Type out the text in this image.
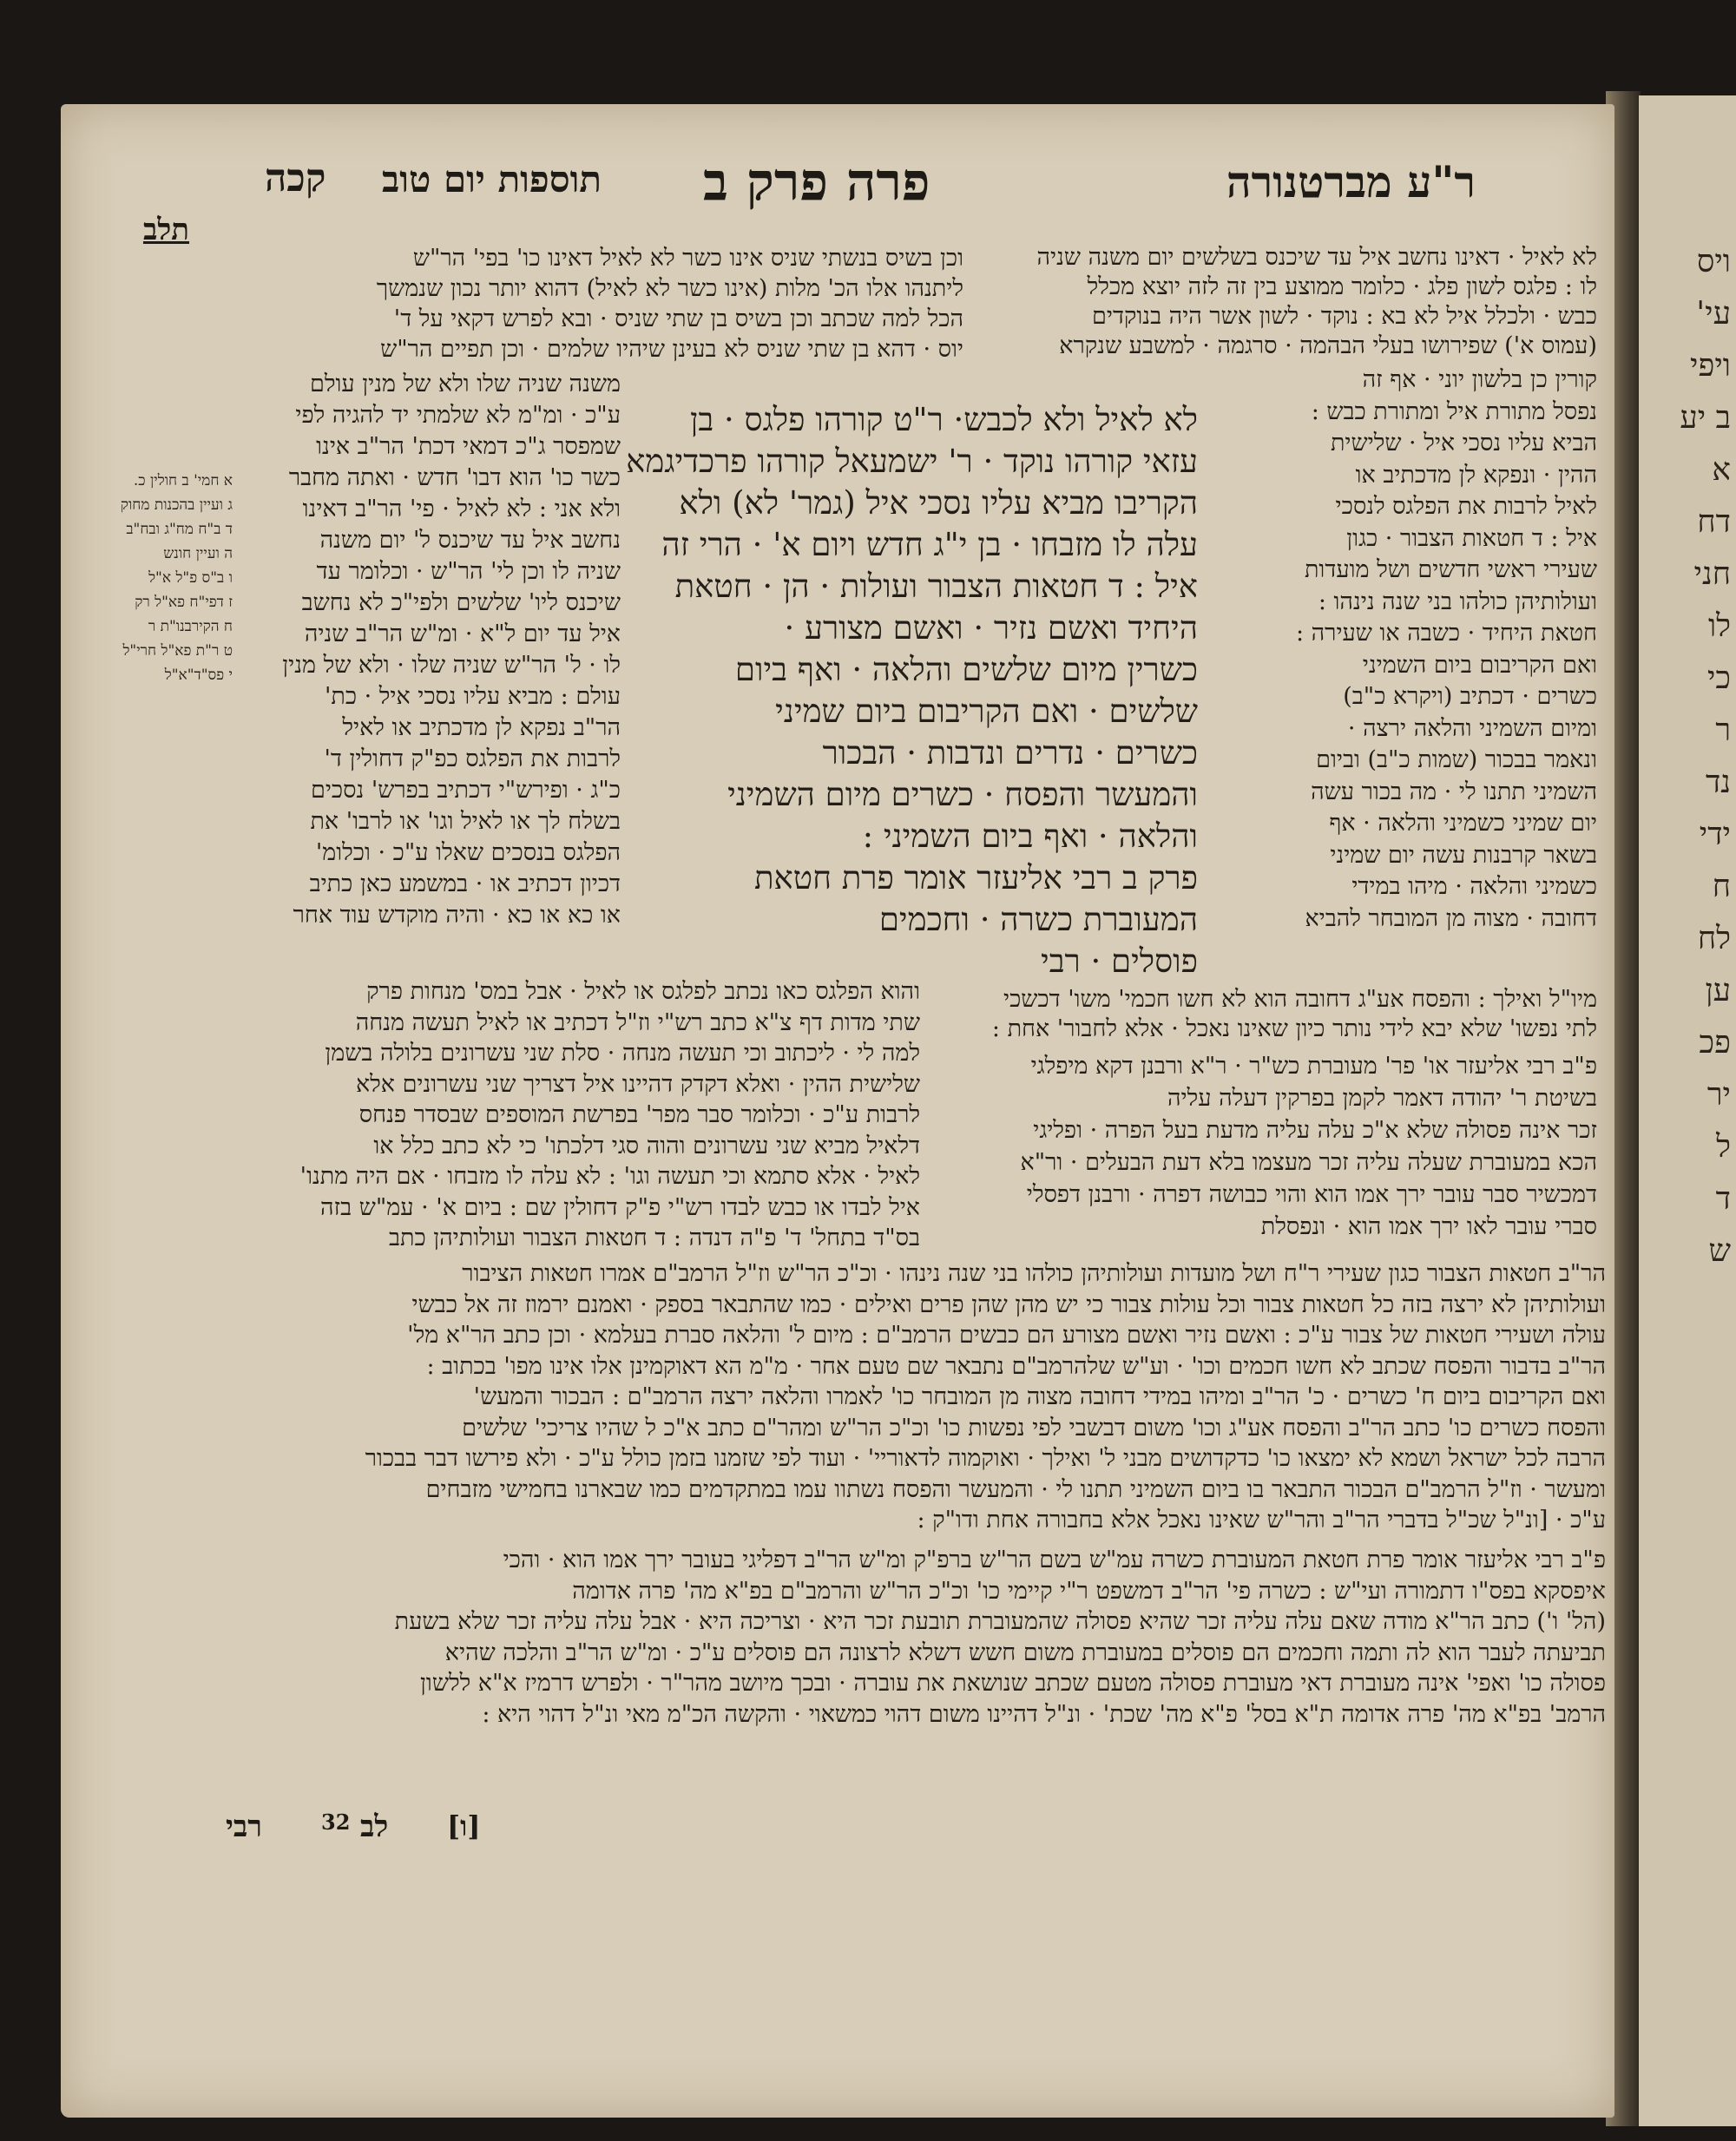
ויס
עי'
ויפי
ב יע
א
דח
חני
לו
כי
ר
נד
ידי
ח
לח
ען
פכ
יר
ל
ד
ש
ר"ע מברטנורה
פרה פרק ב
תוספות יום טוב
קכה
תלב
לא לאיל · דאינו נחשב איל עד שיכנס בשלשים יום משנה שניה
לו : פלגס לשון פלג · כלומר ממוצע בין זה לזה יוצא מכלל
כבש · ולכלל איל לא בא : נוקד · לשון אשר היה בנוקדים
(עמוס א') שפירושו בעלי הבהמה · סרגמה · למשבע שנקרא
וכן בשיס בנשתי שניס אינו כשר לא לאיל דאינו כו' בפי' הר"ש
ליתנהו אלו הכ' מלות (אינו כשר לא לאיל) דהוא יותר נכון שנמשך
הכל למה שכתב וכן בשיס בן שתי שניס · ובא לפרש דקאי על ד'
יוס · דהא בן שתי שניס לא בעינן שיהיו שלמים · וכן תפיים הר"ש
קורין כן בלשון יוני · אף זה
נפסל מתורת איל ומתורת כבש :
הביא עליו נסכי איל · שלישית
ההין · ונפקא לן מדכתיב או
לאיל לרבות את הפלגס לנסכי
איל : ד חטאות הצבור · כגון
שעירי ראשי חדשים ושל מועדות
ועולותיהן כולהו בני שנה נינהו :
חטאת היחיד · כשבה או שעירה :
ואם הקריבום ביום השמיני
כשרים · דכתיב (ויקרא כ"ב)
ומיום השמיני והלאה ירצה ·
ונאמר בבכור (שמות כ"ב) וביום
השמיני תתנו לי · מה בכור עשה
יום שמיני כשמיני והלאה · אף
בשאר קרבנות עשה יום שמיני
כשמיני והלאה · מיהו במידי
דחובה · מצוה מן המובחר להביא
לא לאיל ולא לכבש· ר"ט קורהו פלגס · בן
עזאי קורהו נוקד · ר' ישמעאל קורהו פרכדיגמא
הקריבו מביא עליו נסכי איל (גמר' לא) ולא
עלה לו מזבחו · בן י"ג חדש ויום א' · הרי זה
איל : ד חטאות הצבור ועולות · הן · חטאת
היחיד ואשם נזיר · ואשם מצורע ·
כשרין מיום שלשים והלאה · ואף ביום
שלשים · ואם הקריבום ביום שמיני
כשרים · נדרים ונדבות · הבכור
והמעשר והפסח · כשרים מיום השמיני
והלאה · ואף ביום השמיני :
פרק ב רבי אליעזר אומר פרת חטאת
המעוברת כשרה · וחכמים
פוסלים · רבי
משנה שניה שלו ולא של מנין עולם
ע"כ · ומ"מ לא שלמתי יד להגיה לפי
שמפסר ג"כ דמאי דכת' הר"ב אינו
כשר כו' הוא דבו' חדש · ואתה מחבר
ולא אני : לא לאיל · פי' הר"ב דאינו
נחשב איל עד שיכנס ל' יום משנה
שניה לו וכן לי' הר"ש · וכלומר עד
שיכנס ליו' שלשים ולפי"כ לא נחשב
איל עד יום ל"א · ומ"ש הר"ב שניה
לו · ל' הר"ש שניה שלו · ולא של מנין
עולם : מביא עליו נסכי איל · כת'
הר"ב נפקא לן מדכתיב או לאיל
לרבות את הפלגס כפ"ק דחולין ד'
כ"ג · ופירש"י דכתיב בפרש' נסכים
בשלח לך או לאיל וגו' או לרבו' את
הפלגס בנסכים שאלו ע"כ · וכלומ'
דכיון דכתיב או · במשמע כאן כתיב
או כא או כא · והיה מוקדש עוד אחר
א חמי' ב חולין כ.
ג ועיין בהכנות מחוק
ד ב"ח מח"ג ובח"ב
ה ועיין חונש
ו ב"ס פ"ל א"ל
ז דפי"ח פא"ל רק
ח הקירבנו"ת ר
ט ר"ת פא"ל חרי"ל
י פס"ד"א"ל
מיו"ל ואילך : והפסח אע"ג דחובה הוא לא חשו חכמי' משו' דכשכי
לתי נפשו' שלא יבא לידי נותר כיון שאינו נאכל · אלא לחבור' אחת :
פ"ב רבי אליעזר או' פר' מעוברת כש"ר · ר"א ורבנן דקא מיפלגי
בשיטת ר' יהודה דאמר לקמן בפרקין דעלה עליה
זכר אינה פסולה שלא א"כ עלה עליה מדעת בעל הפרה · ופליגי
הכא במעוברת שעלה עליה זכר מעצמו בלא דעת הבעלים · ור"א
דמכשיר סבר עובר ירך אמו הוא והוי כבושה דפרה · ורבנן דפסלי
סברי עובר לאו ירך אמו הוא · ונפסלת
והוא הפלגס כאו נכתב לפלגס או לאיל · אבל במס' מנחות פרק
שתי מדות דף צ"א כתב רש"י וז"ל דכתיב או לאיל תעשה מנחה
למה לי · ליכתוב וכי תעשה מנחה · סלת שני עשרונים בלולה בשמן
שלישית ההין · ואלא דקדק דהיינו איל דצריך שני עשרונים אלא
לרבות ע"כ · וכלומר סבר מפר' בפרשת המוספים שבסדר פנחס
דלאיל מביא שני עשרונים והוה סגי דלכתו' כי לא כתב כלל או
לאיל · אלא סתמא וכי תעשה וגו' : לא עלה לו מזבחו · אם היה מתנו'
איל לבדו או כבש לבדו רש"י פ"ק דחולין שם : ביום א' · עמ"ש בזה
בס"ד בתחל' ד' פ"ה דנדה : ד חטאות הצבור ועולותיהן כתב
הר"ב חטאות הצבור כגון שעירי ר"ח ושל מועדות ועולותיהן כולהו בני שנה נינהו · וכ"כ הר"ש וז"ל הרמב"ם אמרו חטאות הציבור
ועולותיהן לא ירצה בזה כל חטאות צבור וכל עולות צבור כי יש מהן שהן פרים ואילים · כמו שהתבאר בספק · ואמנם ירמוז זה אל כבשי
עולה ושעירי חטאות של צבור ע"כ : ואשם נזיר ואשם מצורע הם כבשים הרמב"ם : מיום ל' והלאה סברת בעלמא · וכן כתב הר"א מל'
הר"ב בדבור והפסח שכתב לא חשו חכמים וכו' · וע"ש שלהרמב"ם נתבאר שם טעם אחר · מ"מ הא דאוקמינן אלו אינו מפו' בכתוב :
ואם הקריבום ביום ח' כשרים · כ' הר"ב ומיהו במידי דחובה מצוה מן המובחר כו' לאמרו והלאה ירצה הרמב"ם : הבכור והמעש'
והפסח כשרים כו' כתב הר"ב והפסח אע"ג וכו' משום דבשבי לפי נפשות כו' וכ"כ הר"ש ומהר"ם כתב א"כ ל שהיו צריכי' שלשים
הרבה לכל ישראל ושמא לא ימצאו כו' כדקדושים מבני ל' ואילך · ואוקמוה לדאוריי' · ועוד לפי שזמנו בזמן כולל ע"כ · ולא פירשו דבר בבכור
ומעשר · וז"ל הרמב"ם הבכור התבאר בו ביום השמיני תתנו לי · והמעשר והפסח נשתוו עמו במתקדמים כמו שבארנו בחמישי מזבחים
ע"כ · [ונ"ל שכ"ל בדברי הר"ב והר"ש שאינו נאכל אלא בחבורה אחת ודו"ק :
פ"ב רבי אליעזר אומר פרת חטאת המעוברת כשרה עמ"ש בשם הר"ש ברפ"ק ומ"ש הר"ב דפליגי בעובר ירך אמו הוא · והכי
איפסקא בפס"ו דתמורה ועי"ש : כשרה פי' הר"ב דמשפט ר"י קיימי כו' וכ"כ הר"ש והרמב"ם בפ"א מה' פרה אדומה
(הל' ו') כתב הר"א מודה שאם עלה עליה זכר שהיא פסולה שהמעוברת תובעת זכר היא · וצריכה היא · אבל עלה עליה זכר שלא בשעת
תביעתה לעבר הוא לה ותמה וחכמים הם פוסלים במעוברת משום חשש דשלא לרצונה הם פוסלים ע"כ · ומ"ש הר"ב והלכה שהיא
פסולה כו' ואפי' אינה מעוברת דאי מעוברת פסולה מטעם שכתב שנושאת את עוברה · ובכך מיושב מהר"ר · ולפרש דרמיז א"א ללשון
הרמב' בפ"א מה' פרה אדומה ת"א בסל' פ"א מה' שכת' · ונ"ל דהיינו משום דהוי כמשאוי · והקשה הכ"מ מאי ונ"ל דהוי היא :
רבי	לב
32	[ו]
